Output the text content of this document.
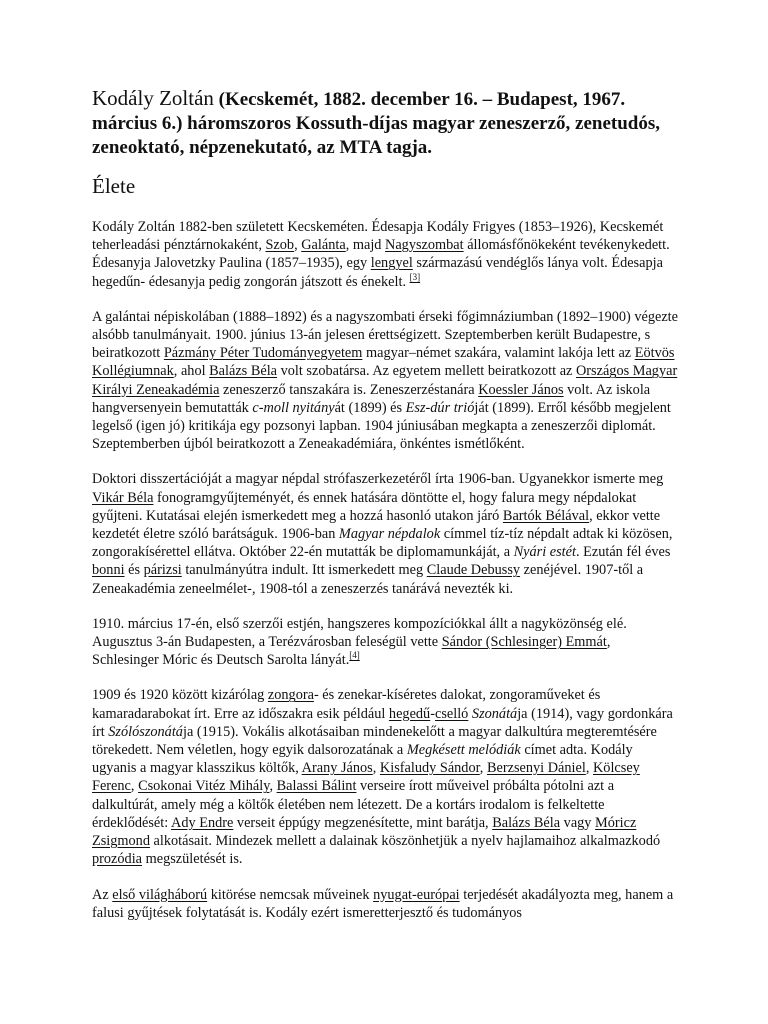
Kodály Zoltán (Kecskemét, 1882. december 16. – Budapest, 1967. március 6.) háromszoros Kossuth-díjas magyar zeneszerző, zenetudós, zeneoktató, népzenekutató, az MTA tagja.
Élete

Kodály Zoltán 1882-ben született Kecskeméten. Édesapja Kodály Frigyes (1853–1926), Kecskemét teherleadási pénztárnokaként, Szob, Galánta, majd Nagyszombat állomásfőnökeként tevékenykedett. Édesanyja Jalovetzky Paulina (1857–1935), egy lengyel származású vendéglős lánya volt. Édesapja hegedűn- édesanyja pedig zongorán játszott és énekelt. [3]

A galántai népiskolában (1888–1892) és a nagyszombati érseki főgimnáziumban (1892–1900) végezte alsóbb tanulmányait. 1900. június 13-án jelesen érettségizett. Szeptemberben került Budapestre, s beiratkozott Pázmány Péter Tudományegyetem magyar–német szakára, valamint lakója lett az Eötvös Kollégiumnak, ahol Balázs Béla volt szobatársa. Az egyetem mellett beiratkozott az Országos Magyar Királyi Zeneakadémia zeneszerző tanszakára is. Zeneszerzéstanára Koessler János volt. Az iskola hangversenyein bemutatták c-moll nyitányát (1899) és Esz-dúr trióját (1899). Erről később megjelent legelső (igen jó) kritikája egy pozsonyi lapban. 1904 júniusában megkapta a zeneszerzői diplomát. Szeptemberben újból beiratkozott a Zeneakadémiára, önkéntes ismétlőként.

Doktori disszertációját a magyar népdal strófaszerkezetéről írta 1906-ban. Ugyanekkor ismerte meg Vikár Béla fonogramgyűjteményét, és ennek hatására döntötte el, hogy falura megy népdalokat gyűjteni. Kutatásai elején ismerkedett meg a hozzá hasonló utakon járó Bartók Bélával, ekkor vette kezdetét életre szóló barátságuk. 1906-ban Magyar népdalok címmel tíz-tíz népdalt adtak ki közösen, zongorakísérettel ellátva. Október 22-én mutatták be diplomamunkáját, a Nyári estét. Ezután fél éves bonni és párizsi tanulmányútra indult. Itt ismerkedett meg Claude Debussy zenéjével. 1907-től a Zeneakadémia zeneelmélet-, 1908-tól a zeneszerzés tanárává nevezték ki.

1910. március 17-én, első szerzői estjén, hangszeres kompozíciókkal állt a nagyközönség elé. Augusztus 3-án Budapesten, a Terézvárosban feleségül vette Sándor (Schlesinger) Emmát, Schlesinger Móric és Deutsch Sarolta lányát.[4]

1909 és 1920 között kizárólag zongora- és zenekar-kíséretes dalokat, zongoraműveket és kamaradarabokat írt. Erre az időszakra esik például hegedű-cselló Szonátája (1914), vagy gordonkára írt Szólószonátája (1915). Vokális alkotásaiban mindenekelőtt a magyar dalkultúra megteremtésére törekedett. Nem véletlen, hogy egyik dalsorozatának a Megkésett melódiák címet adta. Kodály ugyanis a magyar klasszikus költők, Arany János, Kisfaludy Sándor, Berzsenyi Dániel, Kölcsey Ferenc, Csokonai Vitéz Mihály, Balassi Bálint verseire írott műveivel próbálta pótolni azt a dalkultúrát, amely még a költők életében nem létezett. De a kortárs irodalom is felkeltette érdeklődését: Ady Endre verseit éppúgy megzenésítette, mint barátja, Balázs Béla vagy Móricz Zsigmond alkotásait. Mindezek mellett a dalainak köszönhetjük a nyelv hajlamaihoz alkalmazkodó prozódia megszületését is.

Az első világháború kitörése nemcsak műveinek nyugat-európai terjedését akadályozta meg, hanem a falusi gyűjtések folytatását is. Kodály ezért ismeretterjesztő és tudományos
